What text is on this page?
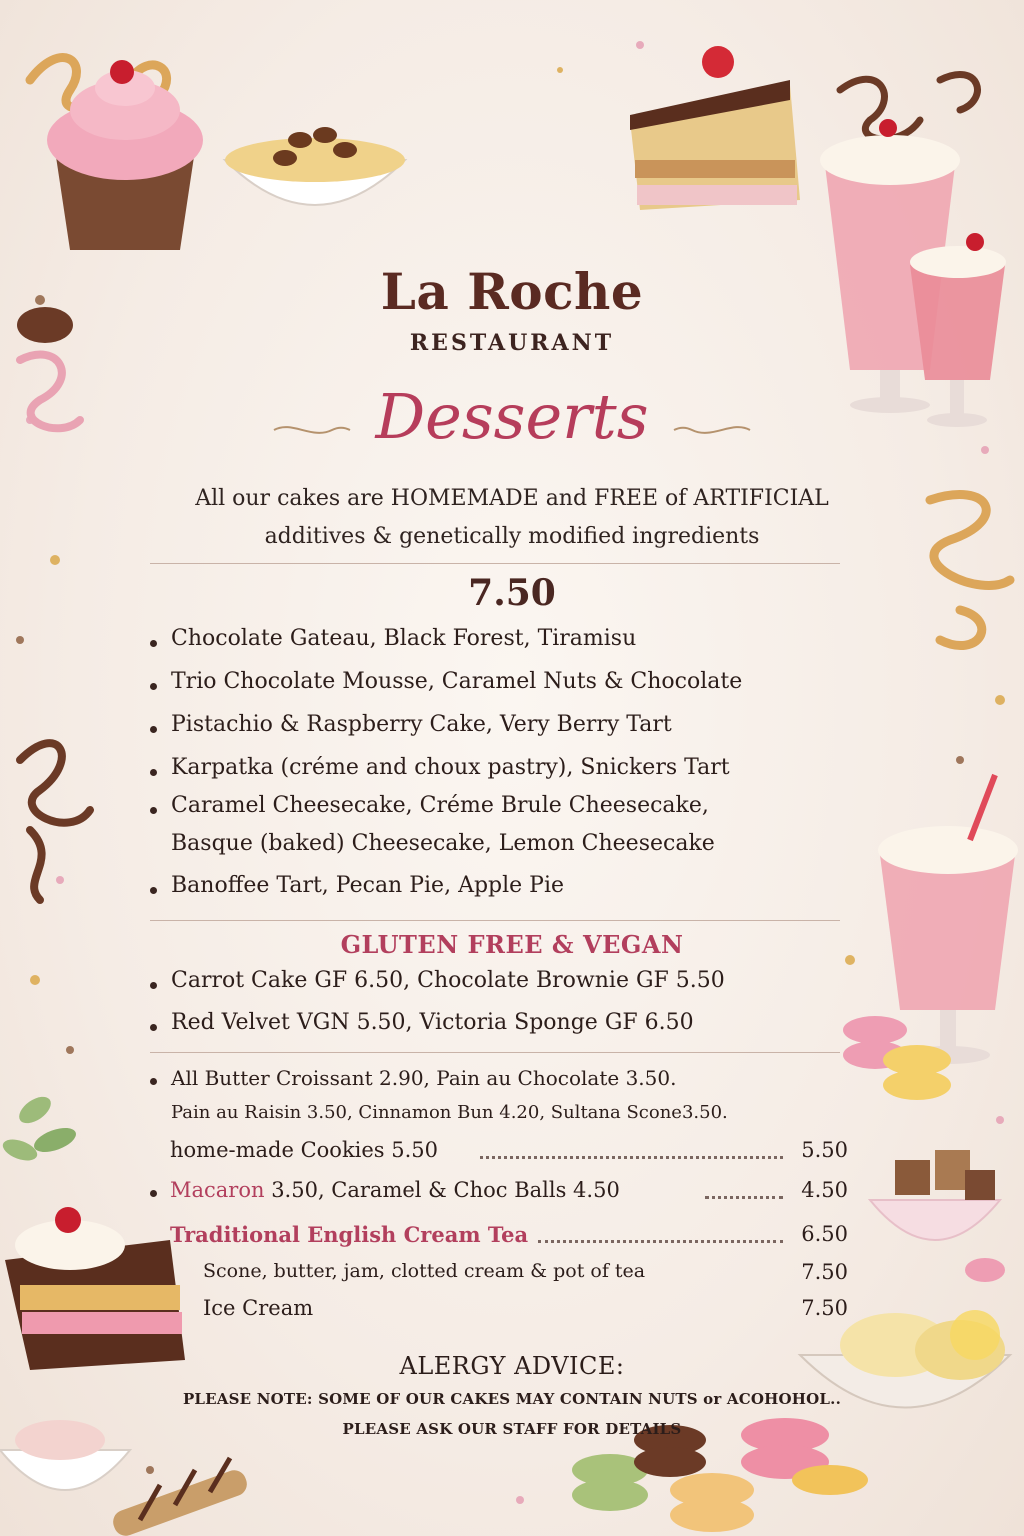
La Roche
RESTAURANT
Desserts
All our cakes are HOMEMADE and FREE of ARTIFICIAL
additives & genetically modified ingredients
7.50
Chocolate Gateau, Black Forest, Tiramisu
Trio Chocolate Mousse, Caramel Nuts & Chocolate
Pistachio & Raspberry Cake, Very Berry Tart
Karpatka (créme and choux pastry), Snickers Tart
Caramel Cheesecake, Créme Brule Cheesecake,
Basque (baked) Cheesecake, Lemon Cheesecake
Banoffee Tart, Pecan Pie, Apple Pie
GLUTEN FREE & VEGAN
Carrot Cake GF 6.50, Chocolate Brownie GF 5.50
Red Velvet VGN 5.50, Victoria Sponge GF 6.50
All Butter Croissant 2.90, Pain au Chocolate 3.50.
Pain au Raisin 3.50, Cinnamon Bun 4.20, Sultana Scone3.50.
home-made Cookies 5.50	5.50
Macaron 3.50, Caramel & Choc Balls 4.50	4.50
Traditional English Cream Tea	6.50
Scone, butter, jam, clotted cream & pot of tea	7.50
Ice Cream	7.50
ALERGY ADVICE:
PLEASE NOTE: SOME OF OUR CAKES MAY CONTAIN NUTS or ACOHOHOL..
PLEASE ASK OUR STAFF FOR DETAILS
